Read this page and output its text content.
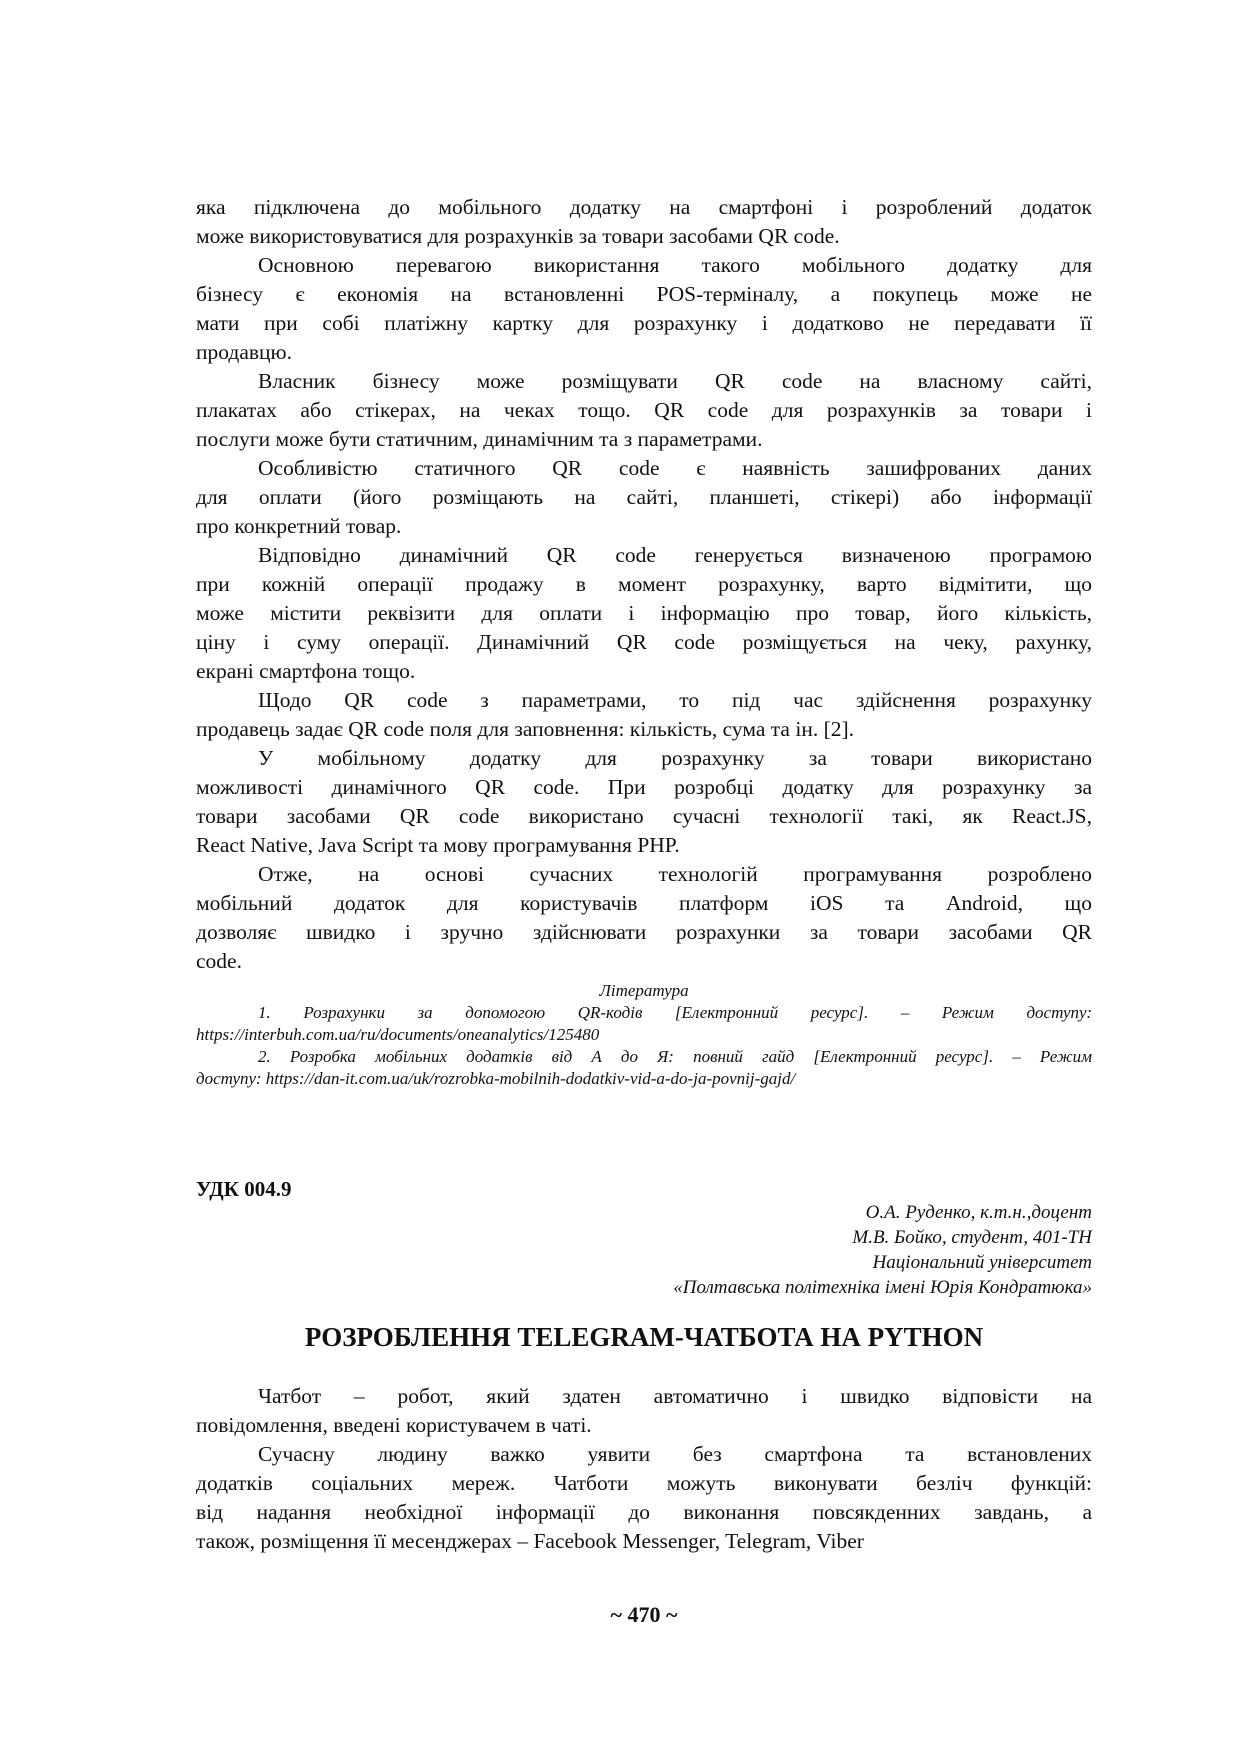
яка підключена до мобільного додатку на смартфоні і розроблений додаток
може використовуватися для розрахунків за товари засобами QR code.
Основною перевагою використання такого мобільного додатку для
бізнесу є економія на встановленні POS-терміналу, а покупець може не
мати при собі платіжну картку для розрахунку і додатково не передавати її
продавцю.
Власник бізнесу може розміщувати QR code на власному сайті,
плакатах або стікерах, на чеках тощо. QR code для розрахунків за товари і
послуги може бути статичним, динамічним та з параметрами.
Особливістю статичного QR code є наявність зашифрованих даних
для оплати (його розміщають на сайті, планшеті, стікері) або інформації
про конкретний товар.
Відповідно динамічний QR code генерується визначеною програмою
при кожній операції продажу в момент розрахунку, варто відмітити, що
може містити реквізити для оплати і інформацію про товар, його кількість,
ціну і суму операції. Динамічний QR code розміщується на чеку, рахунку,
екрані смартфона тощо.
Щодо QR code з параметрами, то під час здійснення розрахунку
продавець задає QR code поля для заповнення: кількість, сума та ін. [2].
У мобільному додатку для розрахунку за товари використано
можливості динамічного QR code. При розробці додатку для розрахунку за
товари засобами QR code використано сучасні технології такі, як React.JS,
React Native, Java Script та мову програмування PHP.
Отже, на основі сучасних технологій програмування розроблено
мобільний додаток для користувачів платформ iOS та Android, що
дозволяє швидко і зручно здійснювати розрахунки за товари засобами QR
code.
Література
1. Розрахунки за допомогою QR-кодів [Електронний ресурс]. – Режим доступу:
https://interbuh.com.ua/ru/documents/oneanalytics/125480
2. Розробка мобільних додатків від А до Я: повний гайд [Електронний ресурс]. – Режим
доступу: https://dan-it.com.ua/uk/rozrobka-mobilnih-dodatkiv-vid-a-do-ja-povnij-gajd/
УДК 004.9
О.А. Руденко, к.т.н.,доцент
М.В. Бойко, студент, 401-ТН
Національний університет
«Полтавська політехніка імені Юрія Кондратюка»
РОЗРОБЛЕННЯ TELEGRAM-ЧАТБОТА НА PYTHON
Чатбот – робот, який здатен автоматично і швидко відповісти на
повідомлення, введені користувачем в чаті.
Сучасну людину важко уявити без смартфона та встановлених
додатків соціальних мереж. Чатботи можуть виконувати безліч функцій:
від надання необхідної інформації до виконання повсякденних завдань, а
також, розміщення її месенджерах – Facebook Messenger, Telegram, Viber
~ 470 ~
